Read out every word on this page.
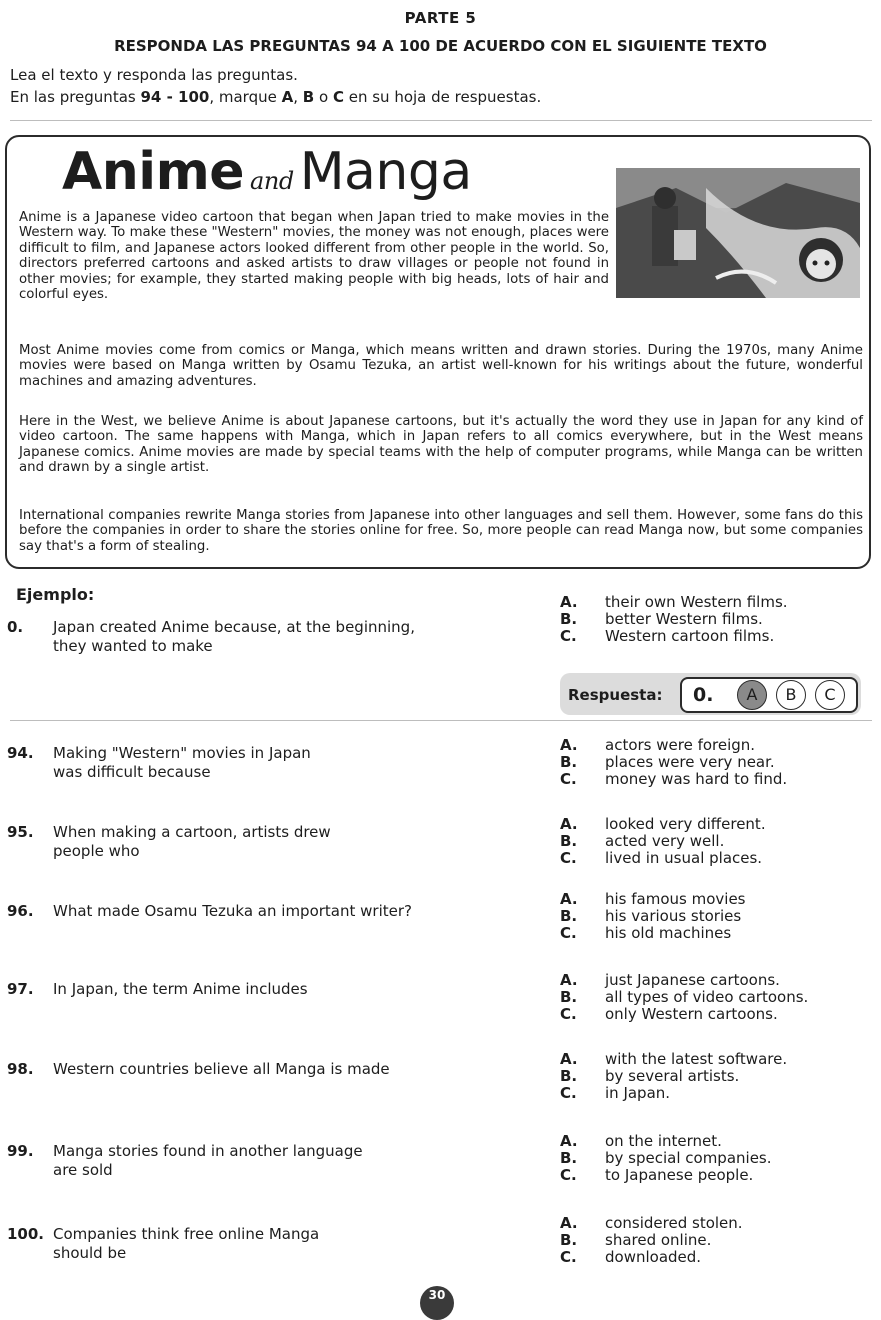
PARTE 5
RESPONDA LAS PREGUNTAS 94 A 100 DE ACUERDO CON EL SIGUIENTE TEXTO
Lea el texto y responda las preguntas.
En las preguntas 94 - 100, marque A, B o C en su hoja de respuestas.
Anime and Manga
Anime is a Japanese video cartoon that began when Japan tried to make movies in the Western way. To make these "Western" movies, the money was not enough, places were difficult to film, and Japanese actors looked different from other people in the world. So, directors preferred cartoons and asked artists to draw villages or people not found in other movies; for example, they started making people with big heads, lots of hair and colorful eyes.
Most Anime movies come from comics or Manga, which means written and drawn stories. During the 1970s, many Anime movies were based on Manga written by Osamu Tezuka, an artist well-known for his writings about the future, wonderful machines and amazing adventures.
Here in the West, we believe Anime is about Japanese cartoons, but it's actually the word they use in Japan for any kind of video cartoon. The same happens with Manga, which in Japan refers to all comics everywhere, but in the West means Japanese comics. Anime movies are made by special teams with the help of computer programs, while Manga can be written and drawn by a single artist.
International companies rewrite Manga stories from Japanese into other languages and sell them. However, some fans do this before the companies in order to share the stories online for free. So, more people can read Manga now, but some companies say that's a form of stealing.
Ejemplo:
0. Japan created Anime because, at the beginning,
they wanted to make
A. their own Western films.
B. better Western films.
C. Western cartoon films.
Respuesta: 0.	A	B	C
94. Making "Western" movies in Japan
was difficult because
A. actors were foreign.
B. places were very near.
C. money was hard to find.
95. When making a cartoon, artists drew
people who
A. looked very different.
B. acted very well.
C. lived in usual places.
96. What made Osamu Tezuka an important writer?
A. his famous movies
B. his various stories
C. his old machines
97. In Japan, the term Anime includes	A. just Japanese cartoons.
B. all types of video cartoons.
C. only Western cartoons.
98. Western countries believe all Manga is made
A. with the latest software.
B. by several artists.
C. in Japan.
99. Manga stories found in another language
are sold
A. on the internet.
B. by special companies.
C. to Japanese people.
100. Companies think free online Manga
should be
A. considered stolen.
B. shared online.
C. downloaded.
30
